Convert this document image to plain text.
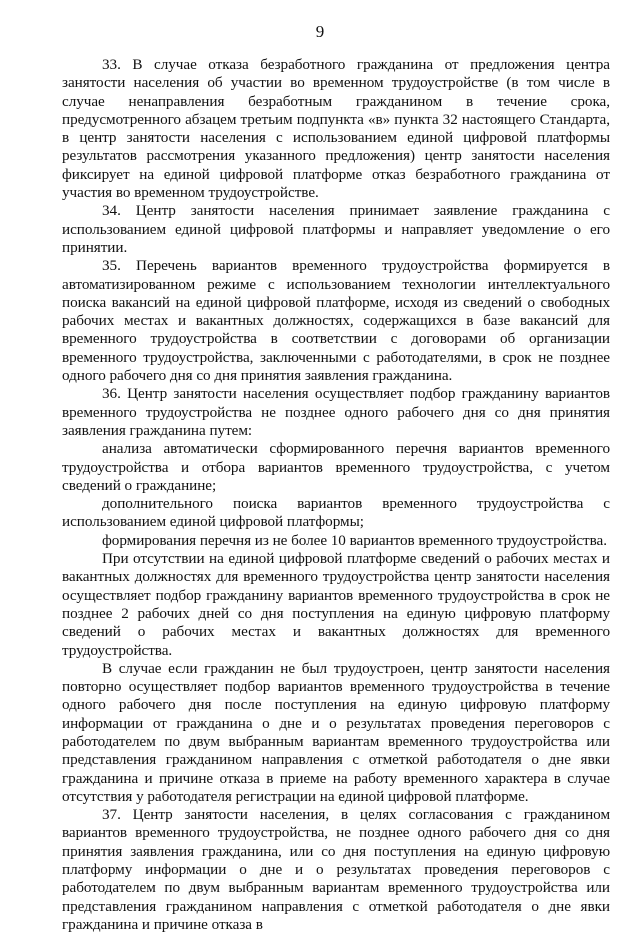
9

33. В случае отказа безработного гражданина от предложения центра занятости населения об участии во временном трудоустройстве (в том числе в случае ненаправления безработным гражданином в течение срока, предусмотренного абзацем третьим подпункта «в» пункта 32 настоящего Стандарта, в центр занятости населения с использованием единой цифровой платформы результатов рассмотрения указанного предложения) центр занятости населения фиксирует на единой цифровой платформе отказ безработного гражданина от участия во временном трудоустройстве.

34. Центр занятости населения принимает заявление гражданина с использованием единой цифровой платформы и направляет уведомление о его принятии.

35. Перечень вариантов временного трудоустройства формируется в автоматизированном режиме с использованием технологии интеллектуального поиска вакансий на единой цифровой платформе, исходя из сведений о свободных рабочих местах и вакантных должностях, содержащихся в базе вакансий для временного трудоустройства в соответствии с договорами об организации временного трудоустройства, заключенными с работодателями, в срок не позднее одного рабочего дня со дня принятия заявления гражданина.

36. Центр занятости населения осуществляет подбор гражданину вариантов временного трудоустройства не позднее одного рабочего дня со дня принятия заявления гражданина путем:

анализа автоматически сформированного перечня вариантов временного трудоустройства и отбора вариантов временного трудоустройства, с учетом сведений о гражданине;

дополнительного поиска вариантов временного трудоустройства с использованием единой цифровой платформы;

формирования перечня из не более 10 вариантов временного трудоустройства.

При отсутствии на единой цифровой платформе сведений о рабочих местах и вакантных должностях для временного трудоустройства центр занятости населения осуществляет подбор гражданину вариантов временного трудоустройства в срок не позднее 2 рабочих дней со дня поступления на единую цифровую платформу сведений о рабочих местах и вакантных должностях для временного трудоустройства.

В случае если гражданин не был трудоустроен, центр занятости населения повторно осуществляет подбор вариантов временного трудоустройства в течение одного рабочего дня после поступления на единую цифровую платформу информации от гражданина о дне и о результатах проведения переговоров с работодателем по двум выбранным вариантам временного трудоустройства или представления гражданином направления с отметкой работодателя о дне явки гражданина и причине отказа в приеме на работу временного характера в случае отсутствия у работодателя регистрации на единой цифровой платформе.

37. Центр занятости населения, в целях согласования с гражданином вариантов временного трудоустройства, не позднее одного рабочего дня со дня принятия заявления гражданина, или со дня поступления на единую цифровую платформу информации о дне и о результатах проведения переговоров с работодателем по двум выбранным вариантам временного трудоустройства или представления гражданином направления с отметкой работодателя о дне явки гражданина и причине отказа в
